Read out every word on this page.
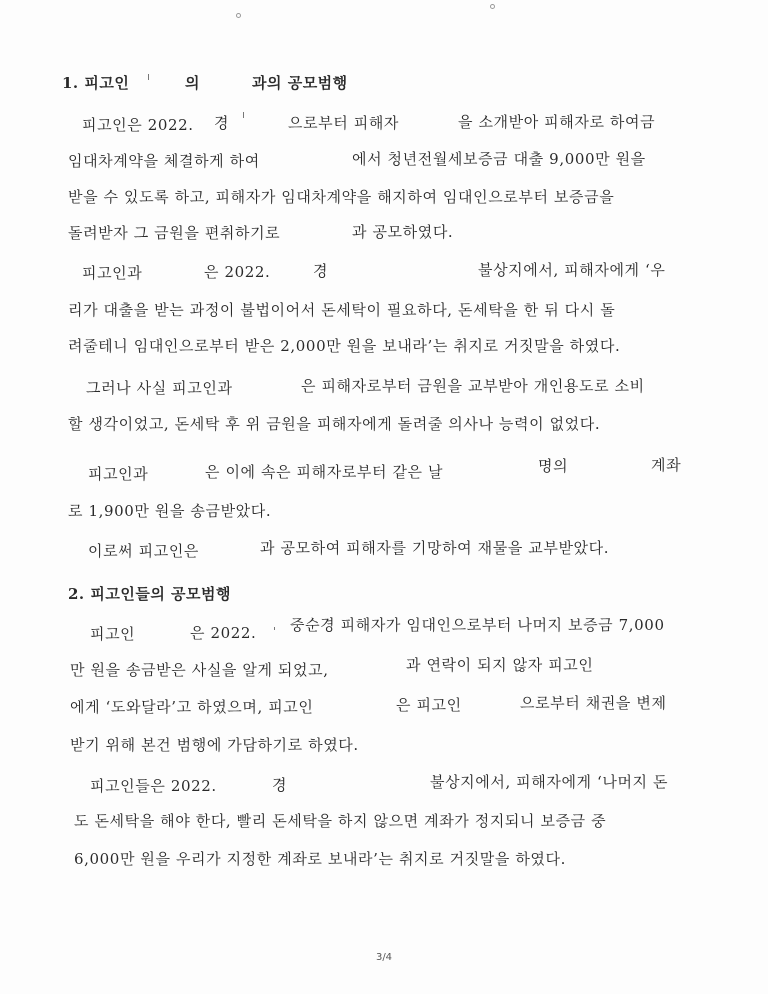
1. 피고인	의	과의 공모범행
피고인은 2022. 경	으로부터 피해자	을 소개받아 피해자로 하여금
임대차계약을 체결하게 하여	에서 청년전월세보증금 대출 9,000만 원을
받을 수 있도록 하고, 피해자가 임대차계약을 해지하여 임대인으로부터 보증금을
돌려받자 그 금원을 편취하기로	과 공모하였다.
피고인과	은 2022.	경	불상지에서, 피해자에게 ‘우
리가 대출을 받는 과정이 불법이어서 돈세탁이 필요하다, 돈세탁을 한 뒤 다시 돌
려줄테니 임대인으로부터 받은 2,000만 원을 보내라’는 취지로 거짓말을 하였다.
그러나 사실 피고인과	은 피해자로부터 금원을 교부받아 개인용도로 소비
할 생각이었고, 돈세탁 후 위 금원을 피해자에게 돌려줄 의사나 능력이 없었다.
피고인과	은 이에 속은 피해자로부터 같은 날	명의	계좌
로 1,900만 원을 송금받았다.
이로써 피고인은	과 공모하여 피해자를 기망하여 재물을 교부받았다.
2. 피고인들의 공모범행
피고인	은 2022. 중순경 피해자가 임대인으로부터 나머지 보증금 7,000
만 원을 송금받은 사실을 알게 되었고,	과 연락이 되지 않자 피고인
에게 ‘도와달라’고 하였으며, 피고인	은 피고인	으로부터 채권을 변제
받기 위해 본건 범행에 가담하기로 하였다.
피고인들은 2022.	경	불상지에서, 피해자에게 ‘나머지 돈
도 돈세탁을 해야 한다, 빨리 돈세탁을 하지 않으면 계좌가 정지되니 보증금 중
6,000만 원을 우리가 지정한 계좌로 보내라’는 취지로 거짓말을 하였다.
3/4
